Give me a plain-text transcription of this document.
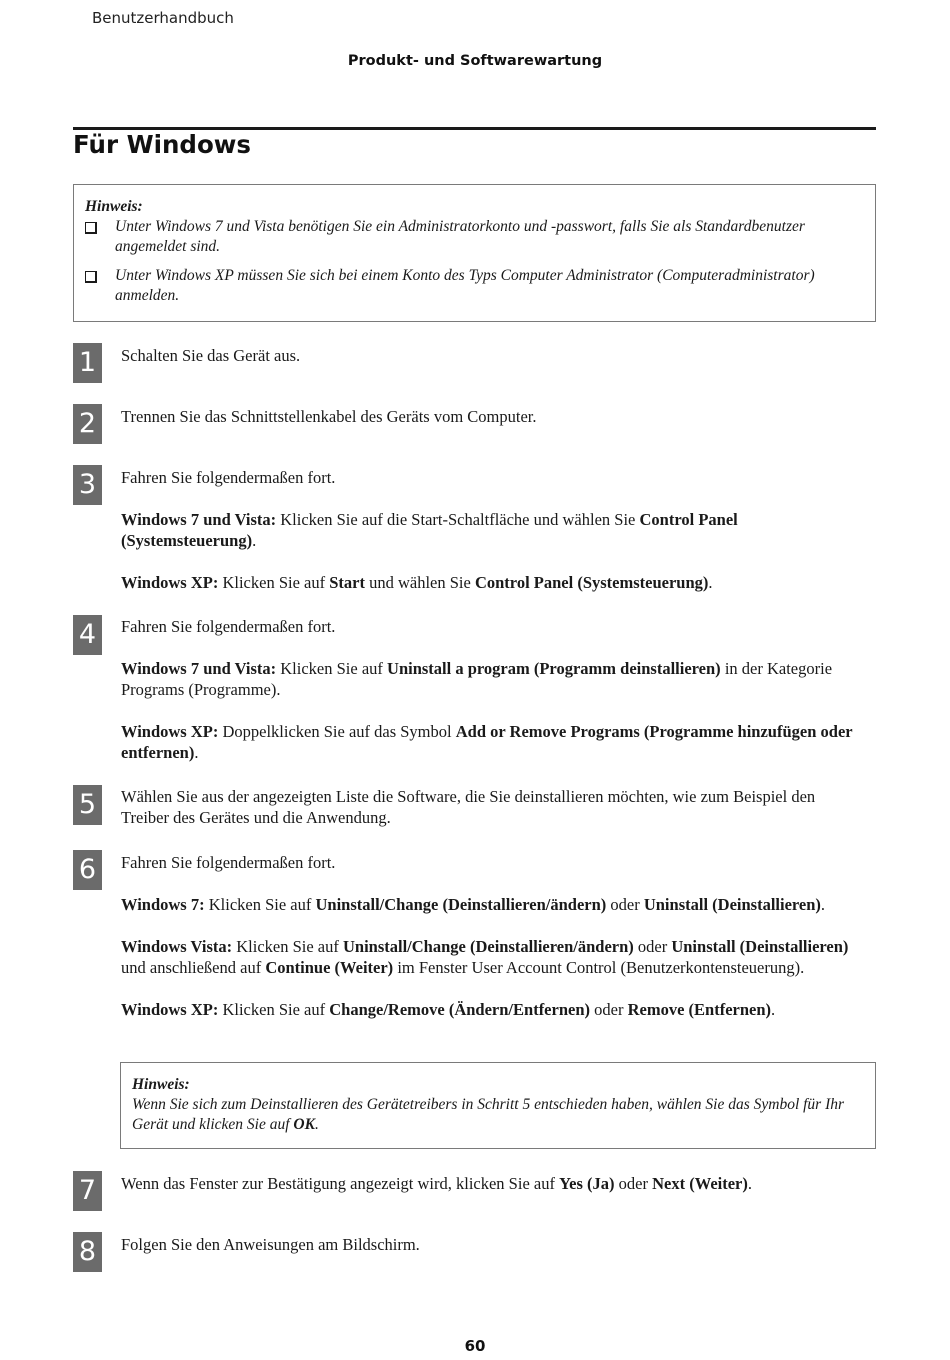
Benutzerhandbuch
Produkt- und Softwarewartung
Für Windows
Hinweis:
Unter Windows 7 und Vista benötigen Sie ein Administratorkonto und -passwort, falls Sie als Standardbenutzer angemeldet sind.
Unter Windows XP müssen Sie sich bei einem Konto des Typs Computer Administrator (Computeradministrator) anmelden.
1	Schalten Sie das Gerät aus.

2	Trennen Sie das Schnittstellenkabel des Geräts vom Computer.

3	Fahren Sie folgendermaßen fort.

Windows 7 und Vista: Klicken Sie auf die Start-Schaltfläche und wählen Sie Control Panel (Systemsteuerung).

Windows XP: Klicken Sie auf Start und wählen Sie Control Panel (Systemsteuerung).

4	Fahren Sie folgendermaßen fort.

Windows 7 und Vista: Klicken Sie auf Uninstall a program (Programm deinstallieren) in der Kategorie Programs (Programme).

Windows XP: Doppelklicken Sie auf das Symbol Add or Remove Programs (Programme hinzufügen oder entfernen).

5	Wählen Sie aus der angezeigten Liste die Software, die Sie deinstallieren möchten, wie zum Beispiel den Treiber des Gerätes und die Anwendung.

6	Fahren Sie folgendermaßen fort.

Windows 7: Klicken Sie auf Uninstall/Change (Deinstallieren/ändern) oder Uninstall (Deinstallieren).

Windows Vista: Klicken Sie auf Uninstall/Change (Deinstallieren/ändern) oder Uninstall (Deinstallieren) und anschließend auf Continue (Weiter) im Fenster User Account Control (Benutzerkontensteuerung).

Windows XP: Klicken Sie auf Change/Remove (Ändern/Entfernen) oder Remove (Entfernen).

Hinweis:
Wenn Sie sich zum Deinstallieren des Gerätetreibers in Schritt 5 entschieden haben, wählen Sie das Symbol für Ihr Gerät und klicken Sie auf OK.
7	Wenn das Fenster zur Bestätigung angezeigt wird, klicken Sie auf Yes (Ja) oder Next (Weiter).

8	Folgen Sie den Anweisungen am Bildschirm.

60
